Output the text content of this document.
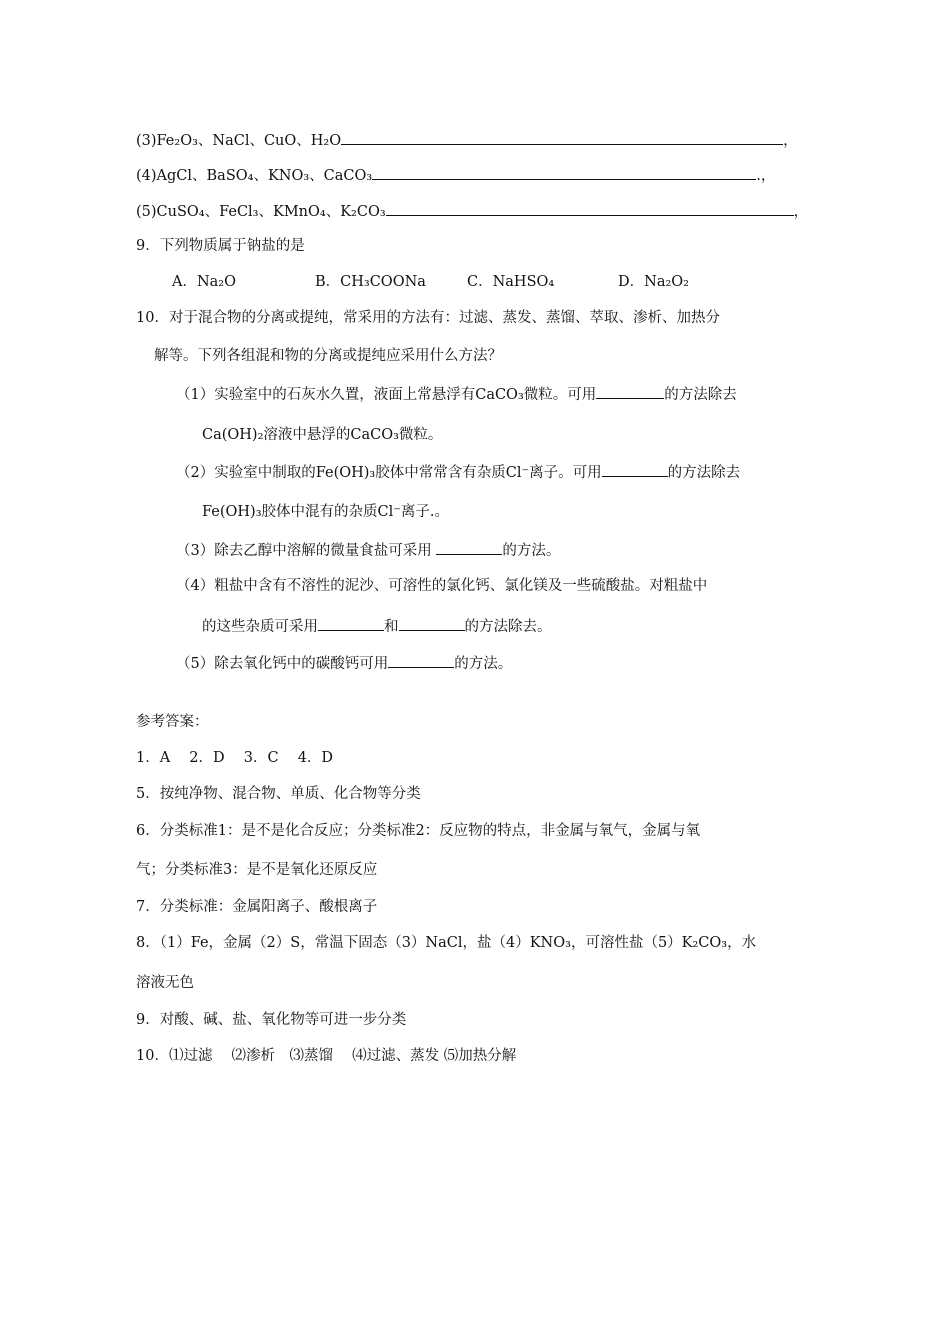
(3)Fe₂O₃、NaCl、CuO、H₂O	，
(4)AgCl、BaSO₄、KNO₃、CaCO₃	.，
(5)CuSO₄、FeCl₃、KMnO₄、K₂CO₃	，
9．下列物质属于钠盐的是
A．Na₂O	B．CH₃COONa	C．NaHSO₄	D．Na₂O₂
10．对于混合物的分离或提纯，常采用的方法有：过滤、蒸发、蒸馏、萃取、渗析、加热分
解等。下列各组混和物的分离或提纯应采用什么方法？
（1）实验室中的石灰水久置，液面上常悬浮有CaCO₃微粒。可用	的方法除去
Ca(OH)₂溶液中悬浮的CaCO₃微粒。
（2）实验室中制取的Fe(OH)₃胶体中常常含有杂质Cl⁻离子。可用	的方法除去
Fe(OH)₃胶体中混有的杂质Cl⁻离子.。
（3）除去乙醇中溶解的微量食盐可采用	的方法。
（4）粗盐中含有不溶性的泥沙、可溶性的氯化钙、氯化镁及一些硫酸盐。对粗盐中
的这些杂质可采用	和	的方法除去。
（5）除去氧化钙中的碳酸钙可用	的方法。
参考答案：
1．A　 2．D　 3．C　 4．D
5．按纯净物、混合物、单质、化合物等分类
6．分类标准1：是不是化合反应；分类标准2：反应物的特点，非金属与氧气，金属与氧
气；分类标准3：是不是氧化还原反应
7．分类标准：金属阳离子、酸根离子
8．（1）Fe，金属（2）S，常温下固态（3）NaCl，盐（4）KNO₃，可溶性盐（5）K₂CO₃，水
溶液无色
9．对酸、碱、盐、氧化物等可进一步分类
10．⑴过滤　 ⑵渗析　⑶蒸馏　 ⑷过滤、蒸发 ⑸加热分解
